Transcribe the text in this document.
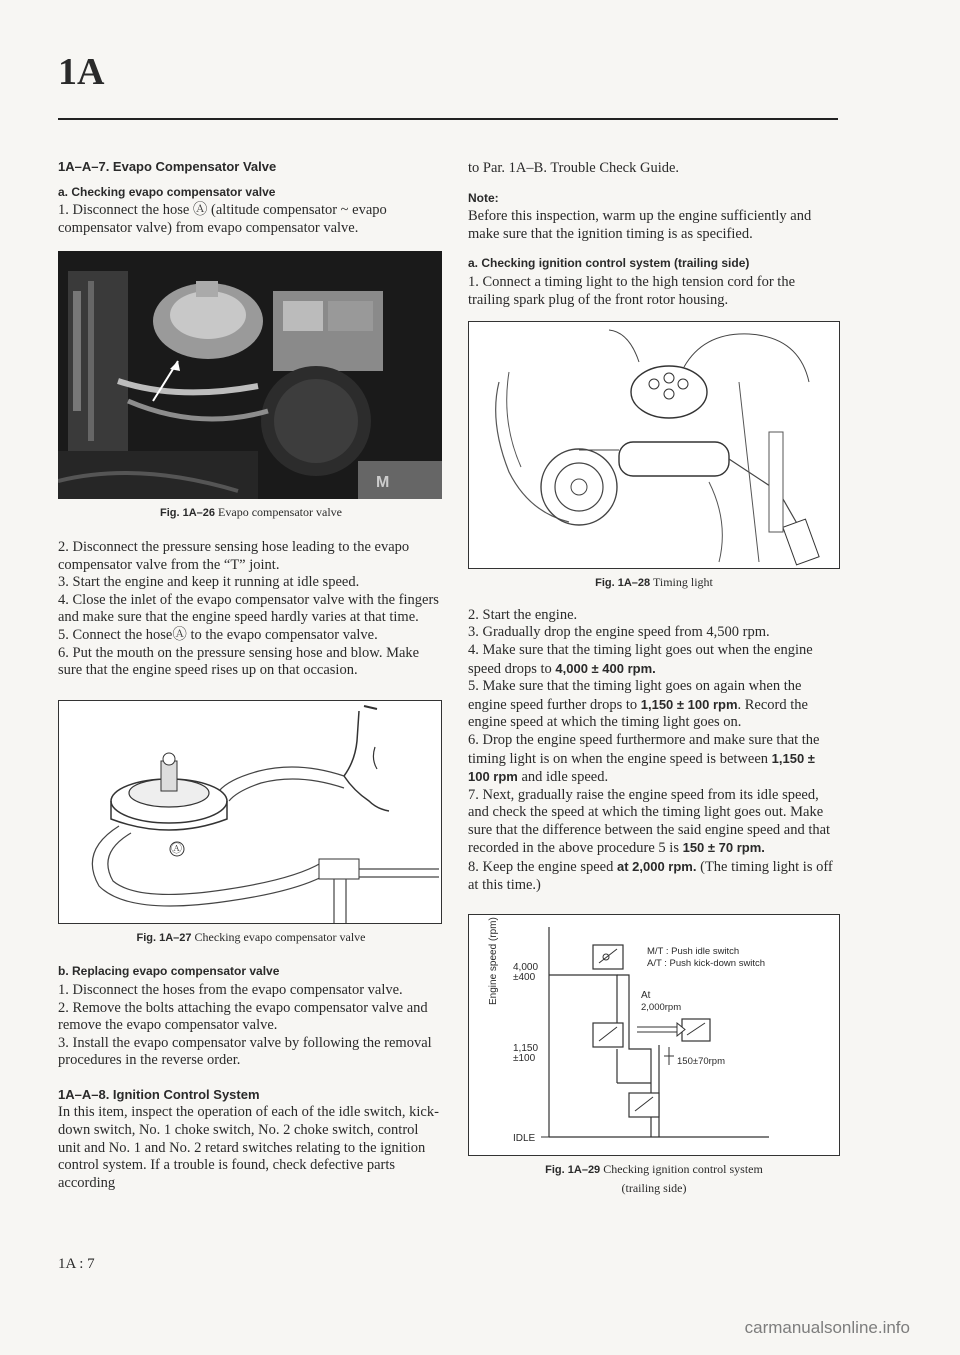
1A

1A–A–7. Evapo Compensator Valve

a. Checking evapo compensator valve

1. Disconnect the hose Ⓐ (altitude compensator ~ evapo compensator valve) from evapo compensator valve.

M

Fig. 1A–26 Evapo compensator valve

2. Disconnect the pressure sensing hose leading to the evapo compensator valve from the “T” joint.

3. Start the engine and keep it running at idle speed.

4. Close the inlet of the evapo compensator valve with the fingers and make sure that the engine speed hardly varies at that time.

5. Connect the hoseⒶ to the evapo compensator valve.

6. Put the mouth on the pressure sensing hose and blow. Make sure that the engine speed rises up on that occasion.

Ⓐ

Fig. 1A–27 Checking evapo compensator valve

b. Replacing evapo compensator valve

1. Disconnect the hoses from the evapo compensator valve.

2. Remove the bolts attaching the evapo compensator valve and remove the evapo compensator valve.

3. Install the evapo compensator valve by following the removal procedures in the reverse order.

1A–A–8. Ignition Control System

In this item, inspect the operation of each of the idle switch, kick-down switch, No. 1 choke switch, No. 2 choke switch, control unit and No. 1 and No. 2 retard switches relating to the ignition control system. If a trouble is found, check defective parts according

to Par. 1A–B. Trouble Check Guide.

Note:

Before this inspection, warm up the engine sufficiently and make sure that the ignition timing is as specified.

a. Checking ignition control system (trailing side)

1. Connect a timing light to the high tension cord for the trailing spark plug of the front rotor housing.

Fig. 1A–28 Timing light

2. Start the engine.

3. Gradually drop the engine speed from 4,500 rpm.

4. Make sure that the timing light goes out when the engine speed drops to 4,000 ± 400 rpm.

5. Make sure that the timing light goes on again when the engine speed further drops to 1,150 ± 100 rpm. Record the engine speed at which the timing light goes on.

6. Drop the engine speed furthermore and make sure that the timing light is on when the engine speed is between 1,150 ± 100 rpm and idle speed.

7. Next, gradually raise the engine speed from its idle speed, and check the speed at which the timing light goes out. Make sure that the difference between the said engine speed and that recorded in the above procedure 5 is 150 ± 70 rpm.

8. Keep the engine speed at 2,000 rpm. (The timing light is off at this time.)

Engine speed (rpm)	4,000
±400
1,150
±100
IDLE
M/T : Push idle switch
A/T : Push kick-down switch
At
2,000rpm
150±70rpm

Fig. 1A–29 Checking ignition control system

(trailing side)

1A : 7
carmanualsonline.info
